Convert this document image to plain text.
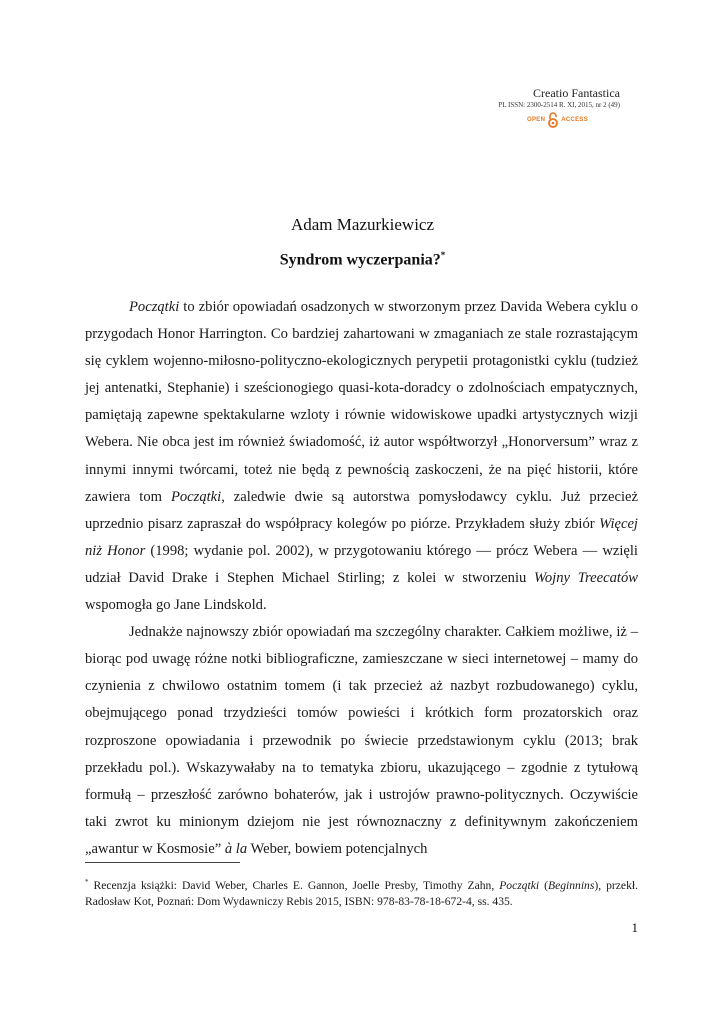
Creatio Fantastica
PL ISSN: 2300-2514 R. XI, 2015, nr 2 (49)
OPEN	ACCESS
Adam Mazurkiewicz
Syndrom wyczerpania?*

Początki to zbiór opowiadań osadzonych w stworzonym przez Davida Webera cyklu o przygodach Honor Harrington. Co bardziej zahartowani w zmaganiach ze stale rozrastającym się cyklem wojenno-miłosno-polityczno-ekologicznych perypetii protagonistki cyklu (tudzież jej antenatki, Stephanie) i sześcionogiego quasi-kota-doradcy o zdolnościach empatycznych, pamiętają zapewne spektakularne wzloty i równie widowiskowe upadki artystycznych wizji Webera. Nie obca jest im również świadomość, iż autor współtworzył „Honorversum” wraz z innymi innymi twórcami, toteż nie będą z pewnością zaskoczeni, że na pięć historii, które zawiera tom Początki, zaledwie dwie są autorstwa pomysłodawcy cyklu. Już przecież uprzednio pisarz zapraszał do współpracy kolegów po piórze. Przykładem służy zbiór Więcej niż Honor (1998; wydanie pol. 2002), w przygotowaniu którego — prócz Webera — wzięli udział David Drake i Stephen Michael Stirling; z kolei w stworzeniu Wojny Treecatów wspomogła go Jane Lindskold.

Jednakże najnowszy zbiór opowiadań ma szczególny charakter. Całkiem możliwe, iż – biorąc pod uwagę różne notki bibliograficzne, zamieszczane w sieci internetowej – mamy do czynienia z chwilowo ostatnim tomem (i tak przecież aż nazbyt rozbudowanego) cyklu, obejmującego ponad trzydzieści tomów powieści i krótkich form prozatorskich oraz rozproszone opowiadania i przewodnik po świecie przedstawionym cyklu (2013; brak przekładu pol.). Wskazywałaby na to tematyka zbioru, ukazującego – zgodnie z tytułową formułą – przeszłość zarówno bohaterów, jak i ustrojów prawno-politycznych. Oczywiście taki zwrot ku minionym dziejom nie jest równoznaczny z definitywnym zakończeniem „awantur w Kosmosie” à la Weber, bowiem potencjalnych

* Recenzja książki: David Weber, Charles E. Gannon, Joelle Presby, Timothy Zahn, Początki (Beginnins), przekł. Radosław Kot, Poznań: Dom Wydawniczy Rebis 2015, ISBN: 978-83-78-18-672-4, ss. 435.
1
